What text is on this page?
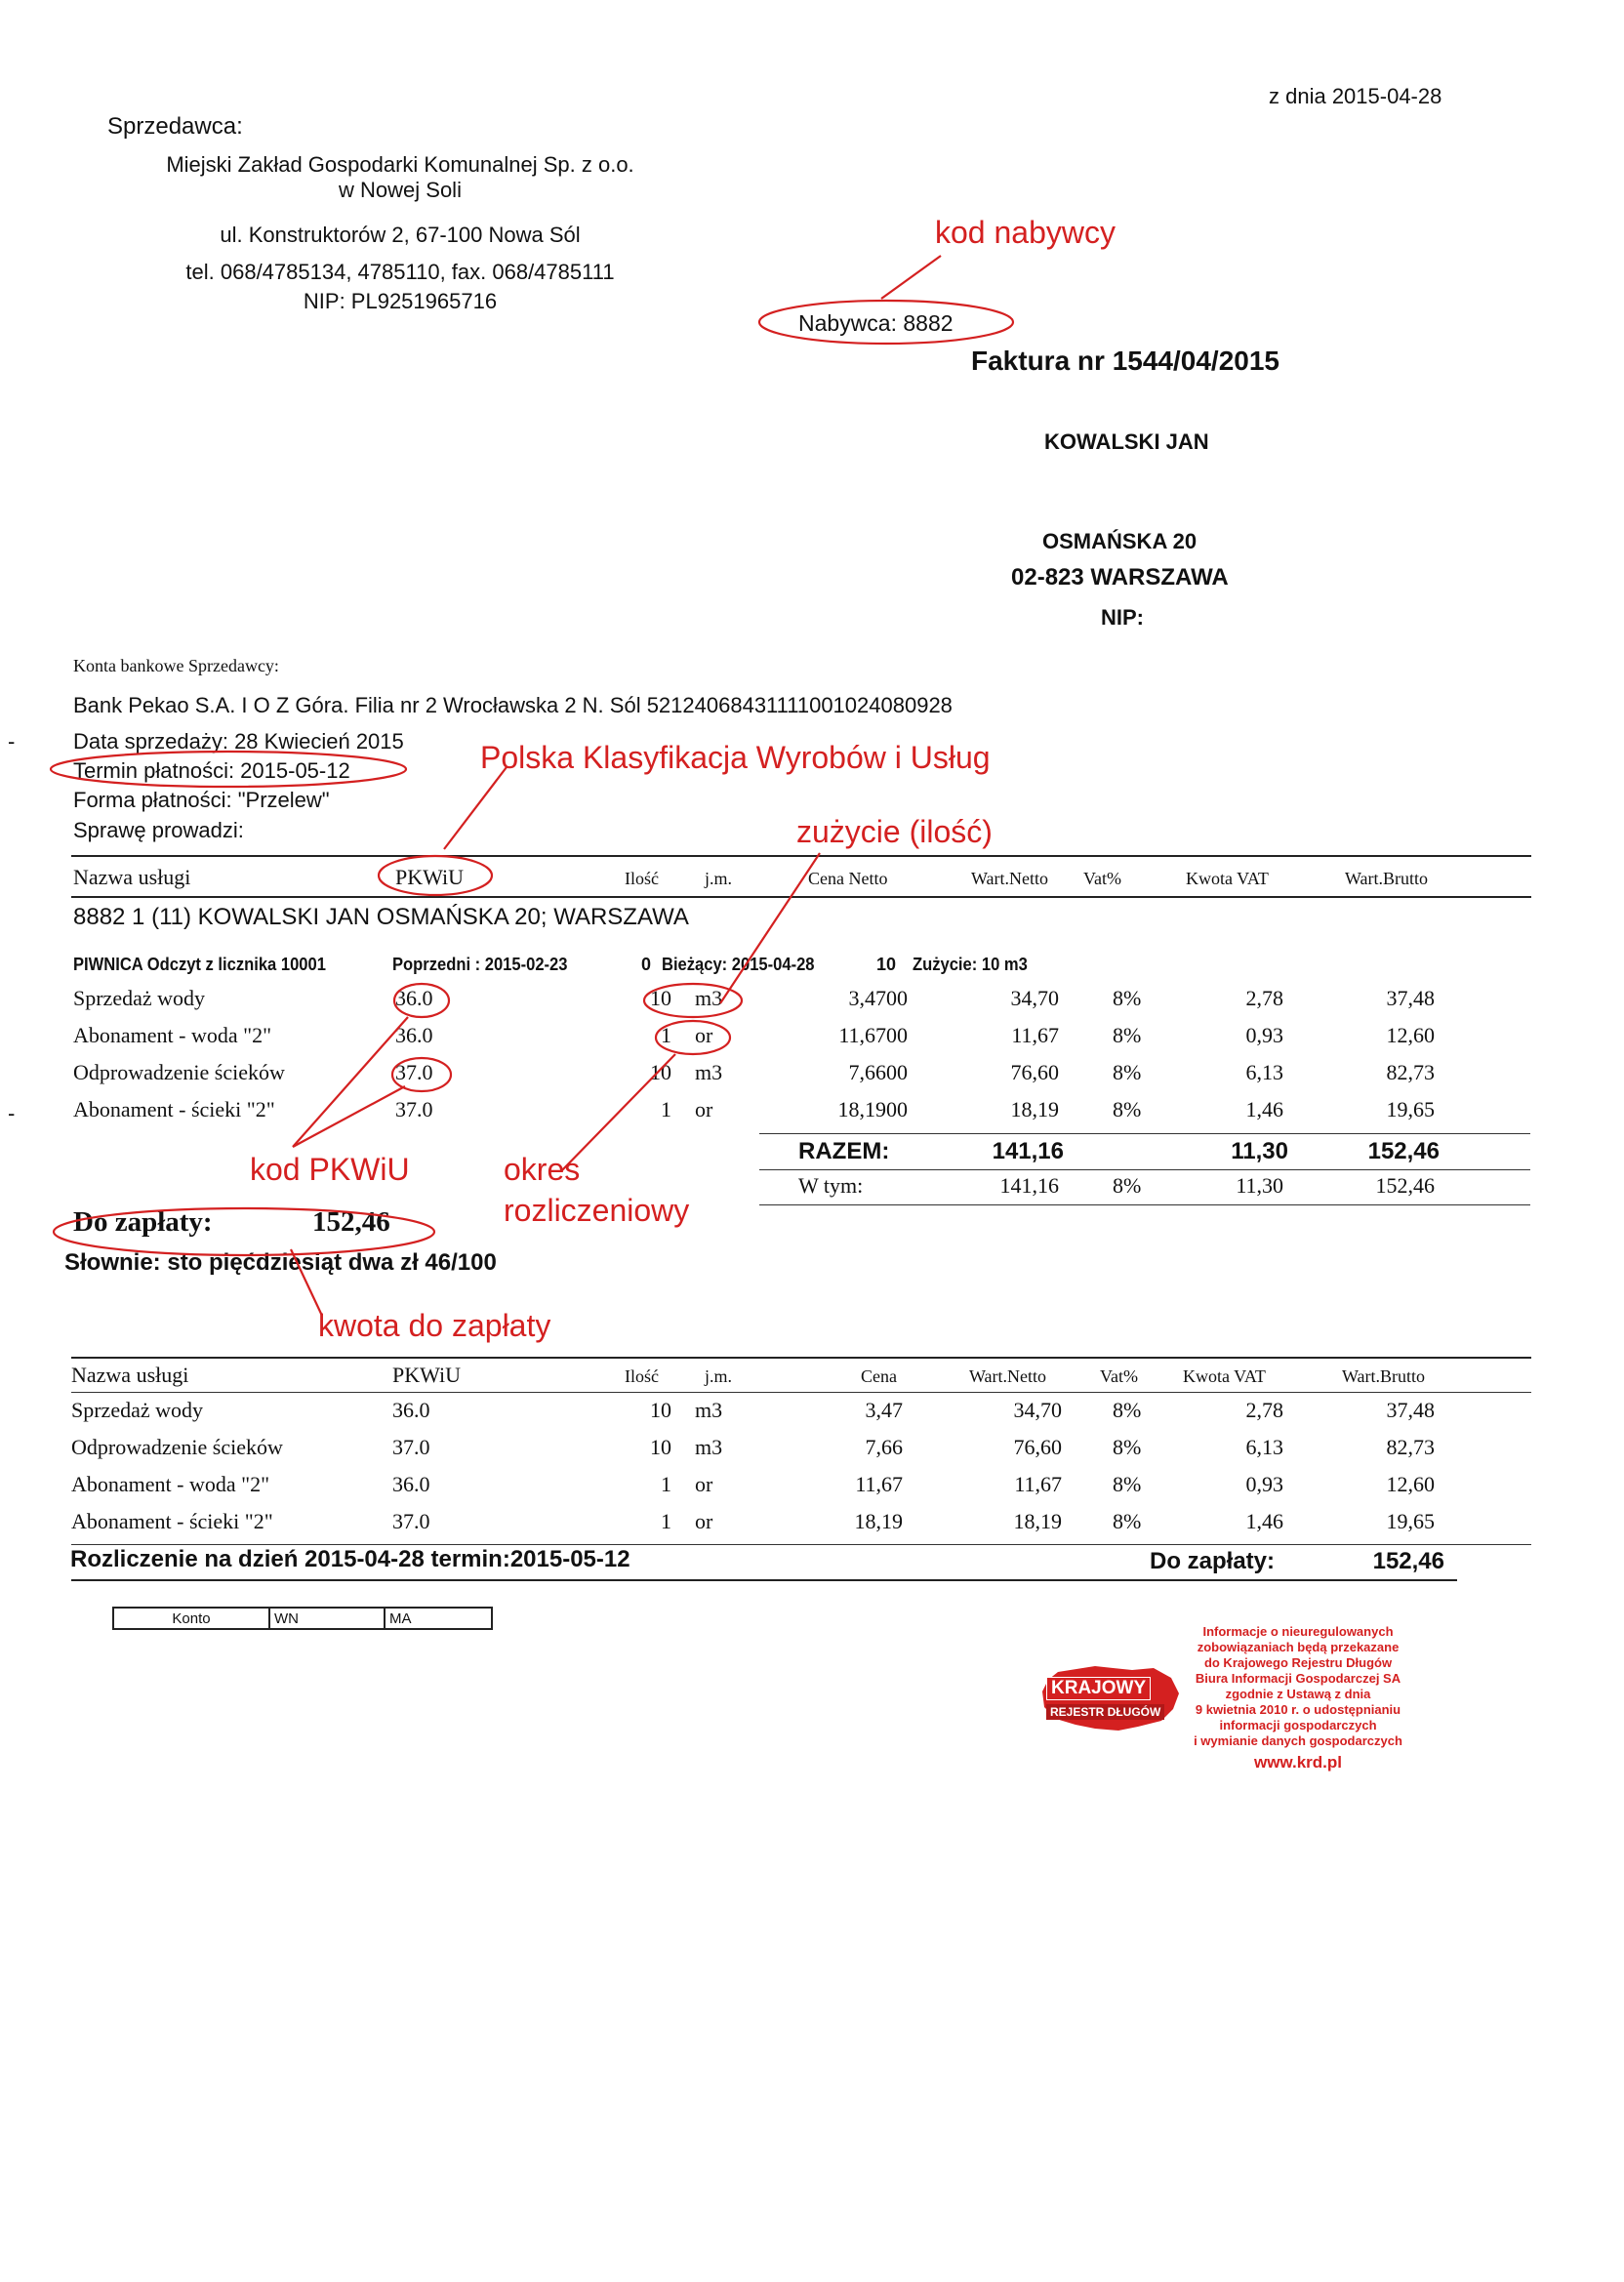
z dnia 2015-04-28
Sprzedawca:
Miejski Zakład Gospodarki Komunalnej Sp. z o.o.
w Nowej Soli
ul. Konstruktorów 2, 67-100 Nowa Sól
tel. 068/4785134, 4785110, fax. 068/4785111
NIP: PL9251965716
Nabywca: 8882
Faktura nr 1544/04/2015
KOWALSKI JAN
OSMAŃSKA 20
02-823 WARSZAWA
NIP:
Konta bankowe Sprzedawcy:
Bank Pekao S.A. I O Z Góra. Filia nr 2 Wrocławska 2 N. Sól 52124068431111001024080928
-	Data sprzedaży: 28 Kwiecień 2015
Termin płatności: 2015-05-12
Forma płatności: "Przelew"
Sprawę prowadzi:
-
Nazwa usługi	PKWiU	Ilość	j.m.	Cena Netto	Wart.Netto Vat%	Kwota VAT	Wart.Brutto
8882 1 (11) KOWALSKI JAN OSMAŃSKA 20; WARSZAWA
PIWNICA Odczyt z licznika 10001	Poprzedni : 2015-02-23	0 Bieżący: 2015-04-28	10 Zużycie: 10 m3
Sprzedaż wody	36.0	10 m3	3,4700	34,70	8%	2,78	37,48
Abonament - woda "2"	36.0	1 or	11,6700	11,67	8%	0,93	12,60
Odprowadzenie ścieków	37.0	10 m3	7,6600	76,60	8%	6,13	82,73
Abonament - ścieki "2"	37.0	1 or	18,1900	18,19	8%	1,46	19,65
RAZEM:	141,16	11,30	152,46
W tym:	141,16	8%	11,30	152,46
Do zapłaty:	152,46
Słownie: sto pięćdziesiąt dwa zł 46/100
Nazwa usługi	PKWiU	Ilość	j.m.	Cena	Wart.Netto	Vat%	Kwota VAT	Wart.Brutto
Sprzedaż wody	36.0	10 m3	3,47	34,70 8%	2,78	37,48
Odprowadzenie ścieków	37.0	10 m3	7,66	76,60 8%	6,13	82,73
Abonament - woda "2"	36.0	1 or	11,67	11,67 8%	0,93	12,60
Abonament - ścieki "2"	37.0	1 or	18,19	18,19 8%	1,46	19,65
Rozliczenie na dzień 2015-04-28 termin:2015-05-12	Do zapłaty:	152,46
Konto	WN	MA
KRAJOWY
REJESTR DŁUGÓW
Informacje o nieuregulowanych
zobowiązaniach będą przekazane
do Krajowego Rejestru Długów
Biura Informacji Gospodarczej SA
zgodnie z Ustawą z dnia
9 kwietnia 2010 r. o udostępnianiu
informacji gospodarczych
i wymianie danych gospodarczych
www.krd.pl
kod nabywcy
Polska Klasyfikacja Wyrobów i Usług
zużycie (ilość)
kod PKWiU	okres
rozliczeniowy
kwota do zapłaty
